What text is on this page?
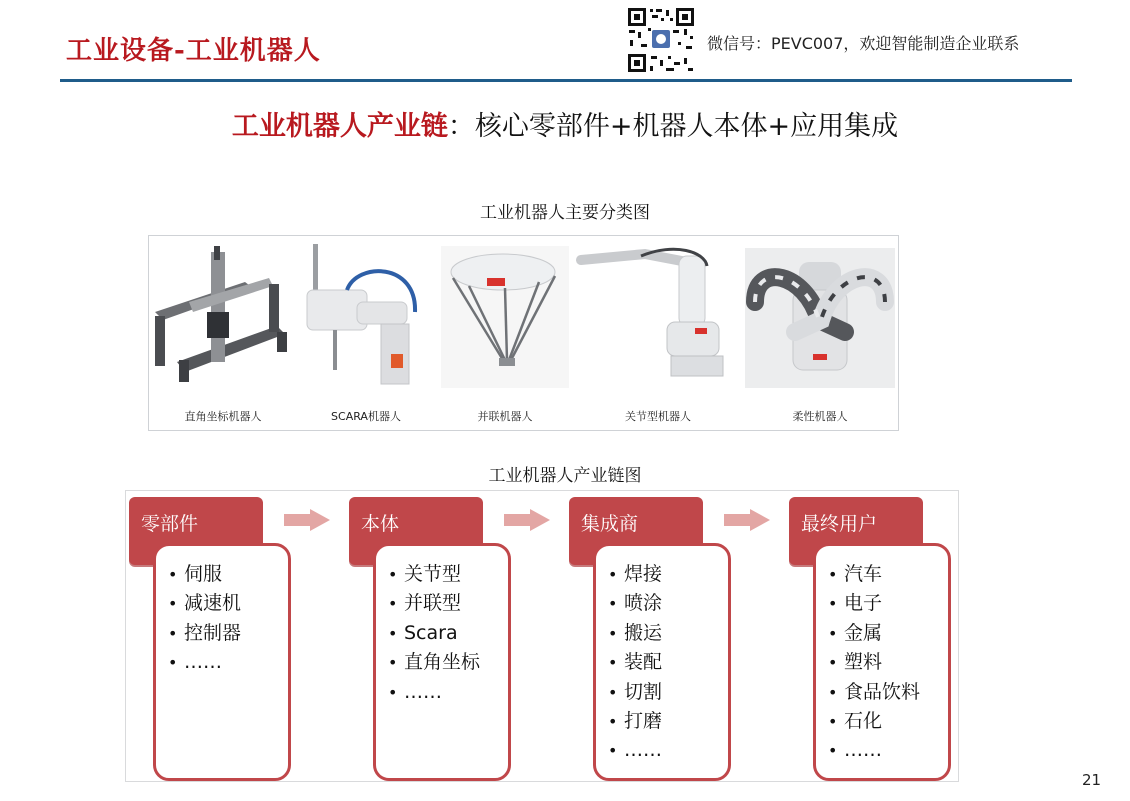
工业设备-工业机器人	微信号：PEVC007，欢迎智能制造企业联系
工业机器人产业链：核心零部件+机器人本体+应用集成
工业机器人主要分类图
直角坐标机器人	SCARA机器人	并联机器人	关节型机器人	柔性机器人
工业机器人产业链图
零部件
• 伺服
• 减速机
• 控制器
• ……
本体
• 关节型
• 并联型
• Scara
• 直角坐标
• ……
集成商
• 焊接
• 喷涂
• 搬运
• 装配
• 切割
• 打磨
• ……
最终用户
• 汽车
• 电子
• 金属
• 塑料
• 食品饮料
• 石化
• ……
21
